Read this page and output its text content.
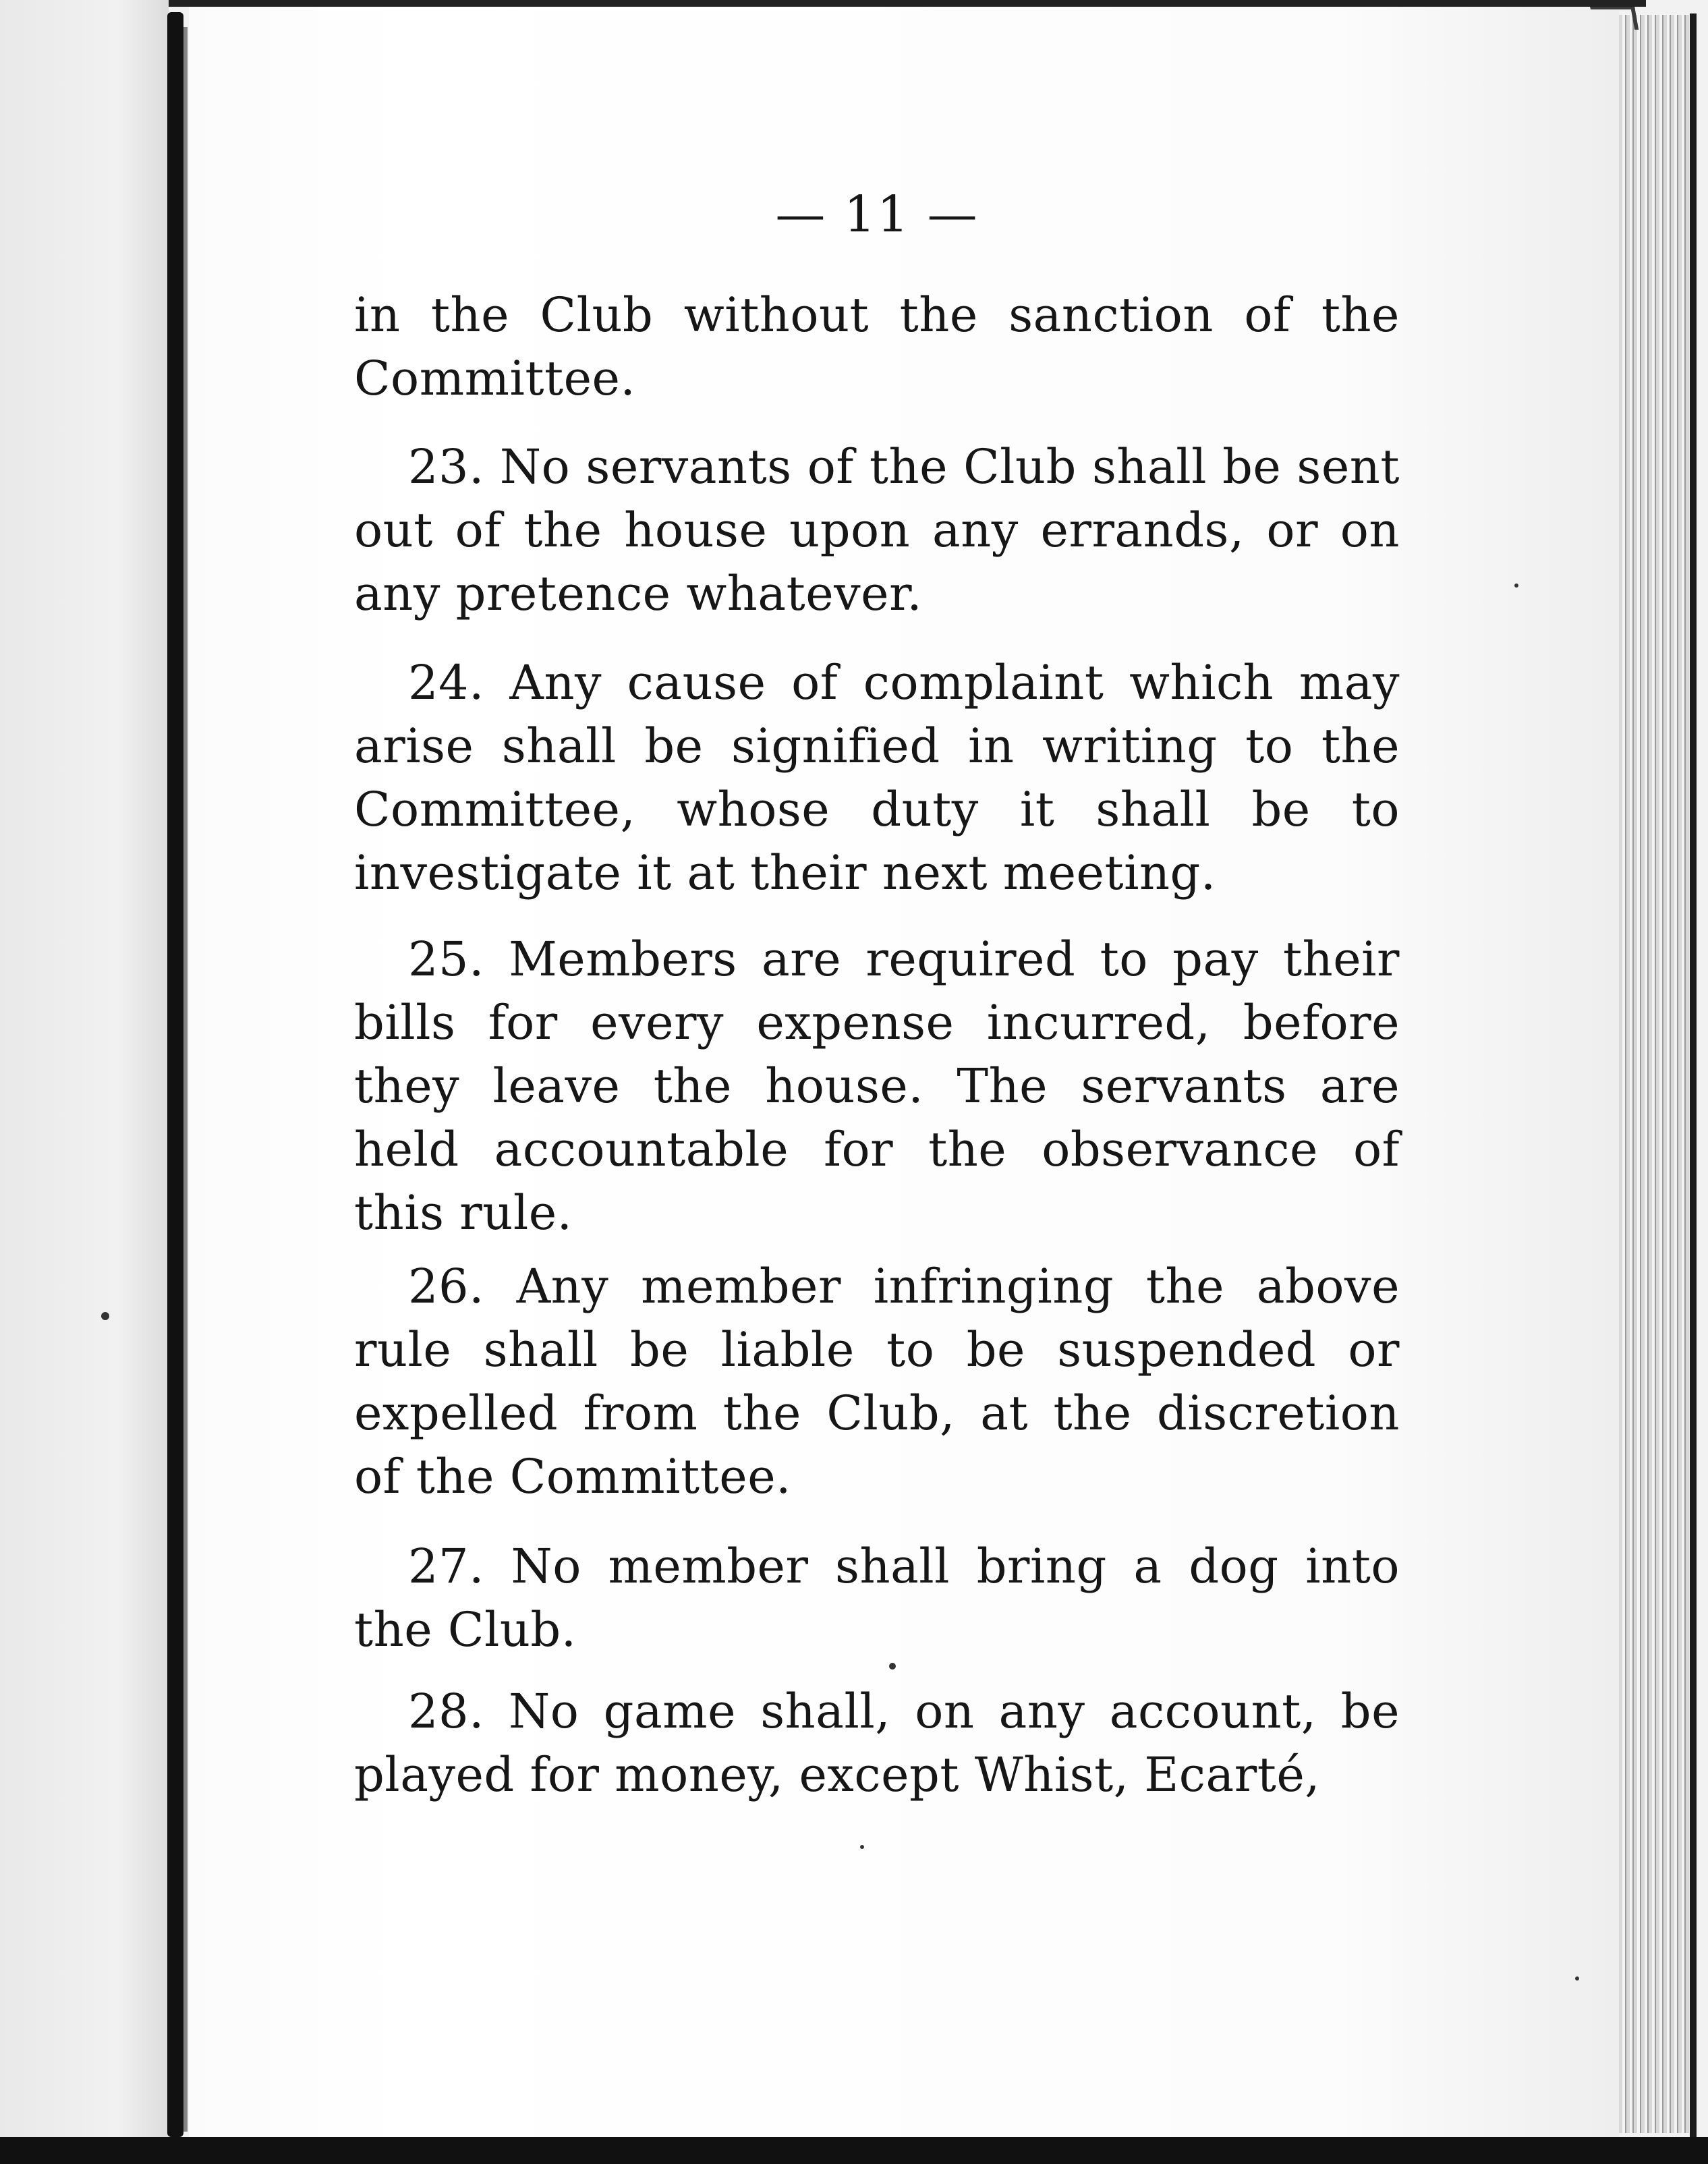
— 11 —
in the Club without the sanction of the Committee.
23. No servants of the Club shall be sent out of the house upon any errands, or on any pretence whatever.
24. Any cause of complaint which may arise shall be signified in writing to the Committee, whose duty it shall be to investigate it at their next meeting.
25. Members are required to pay their bills for every expense incurred, before they leave the house. The servants are held accountable for the observance of this rule.
26. Any member infringing the above rule shall be liable to be suspended or expelled from the Club, at the discretion of the Committee.
27. No member shall bring a dog into the Club.
28. No game shall, on any account, be played for money, except Whist, Ecarté,
